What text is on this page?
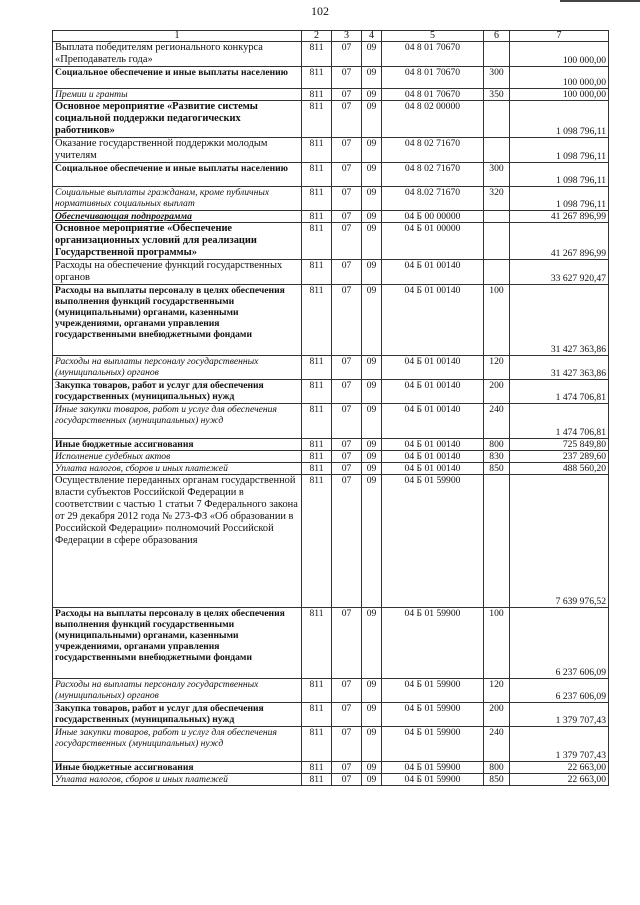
102
1	2	3	4	5	6	7
Выплата победителям регионального конкурса «Преподаватель года»	811	07	09	04 8 01 70670		100 000,00
Социальное обеспечение и иные выплаты населению	811	07	09	04 8 01 70670	300	100 000,00
Премии и гранты	811	07	09	04 8 01 70670	350	100 000,00
Основное мероприятие «Развитие системы социальной поддержки педагогических работников»	811	07	09	04 8 02 00000		1 098 796,11
Оказание государственной поддержки молодым учителям	811	07	09	04 8 02 71670		1 098 796,11
Социальное обеспечение и иные выплаты населению	811	07	09	04 8 02 71670	300	1 098 796,11
Социальные выплаты гражданам, кроме публичных нормативных социальных выплат	811	07	09	04 8.02 71670	320	1 098 796,11
Обеспечивающая подпрограмма	811	07	09	04 Б 00 00000		41 267 896,99
Основное мероприятие «Обеспечение организационных условий для реализации Государственной программы»	811	07	09	04 Б 01 00000		41 267 896,99
Расходы на обеспечение функций государственных органов	811	07	09	04 Б 01 00140		33 627 920,47
Расходы на выплаты персоналу в целях обеспечения выполнения функций государственными (муниципальными) органами, казенными учреждениями, органами управления государственными внебюджетными фондами	811	07	09	04 Б 01 00140	100	31 427 363,86
Расходы на выплаты персоналу государственных (муниципальных) органов	811	07	09	04 Б 01 00140	120	31 427 363,86
Закупка товаров, работ и услуг для обеспечения государственных (муниципальных) нужд	811	07	09	04 Б 01 00140	200	1 474 706,81
Иные закупки товаров, работ и услуг для обеспечения государственных (муниципальных) нужд	811	07	09	04 Б 01 00140	240	1 474 706,81
Иные бюджетные ассигнования	811	07	09	04 Б 01 00140	800	725 849,80
Исполнение судебных актов	811	07	09	04 Б 01 00140	830	237 289,60
Уплата налогов, сборов и иных платежей	811	07	09	04 Б 01 00140	850	488 560,20
Осуществление переданных органам государственной власти субъектов Российской Федерации в соответствии с частью 1 статьи 7 Федерального закона от 29 декабря 2012 года № 273-ФЗ «Об образовании в Российской Федерации» полномочий Российской Федерации в сфере образования	811	07	09	04 Б 01 59900		7 639 976,52
Расходы на выплаты персоналу в целях обеспечения выполнения функций государственными (муниципальными) органами, казенными учреждениями, органами управления государственными внебюджетными фондами	811	07	09	04 Б 01 59900	100	6 237 606,09
Расходы на выплаты персоналу государственных (муниципальных) органов	811	07	09	04 Б 01 59900	120	6 237 606,09
Закупка товаров, работ и услуг для обеспечения государственных (муниципальных) нужд	811	07	09	04 Б 01 59900	200	1 379 707,43
Иные закупки товаров, работ и услуг для обеспечения государственных (муниципальных) нужд	811	07	09	04 Б 01 59900	240	1 379 707,43
Иные бюджетные ассигнования	811	07	09	04 Б 01 59900	800	22 663,00
Уплата налогов, сборов и иных платежей	811	07	09	04 Б 01 59900	850	22 663,00
